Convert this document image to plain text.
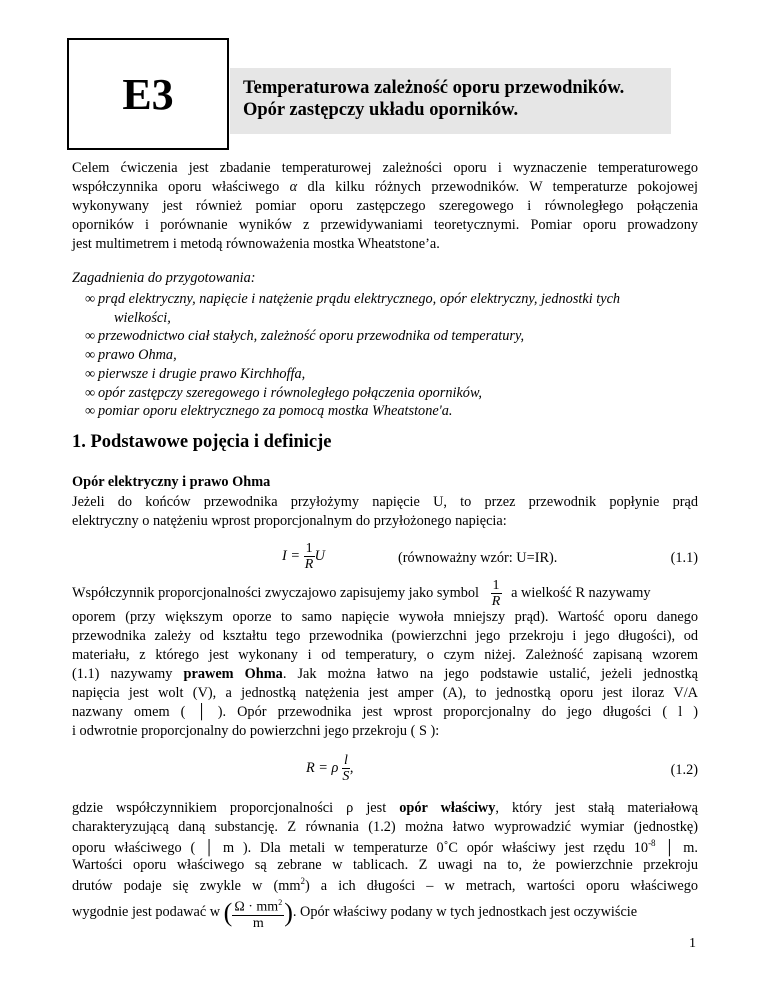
E3	Temperaturowa zależność oporu przewodników.
Opór zastępczy układu oporników.
Celem ćwiczenia jest zbadanie temperaturowej zależności oporu i wyznaczenie temperaturowego
współczynnika oporu właściwego α dla kilku różnych przewodników. W temperaturze pokojowej
wykonywany jest również pomiar oporu zastępczego szeregowego i równoległego połączenia
oporników i porównanie wyników z przewidywaniami teoretycznymi. Pomiar oporu prowadzony
jest multimetrem i metodą równoważenia mostka Wheatstone’a.
Zagadnienia do przygotowania:
∞ prąd elektryczny, napięcie i natężenie prądu elektrycznego, opór elektryczny, jednostki tych
wielkości,
∞ przewodnictwo ciał stałych, zależność oporu przewodnika od temperatury,
∞ prawo Ohma,
∞ pierwsze i drugie prawo Kirchhoffa,
∞ opór zastępczy szeregowego i równoległego połączenia oporników,
∞ pomiar oporu elektrycznego za pomocą mostka Wheatstone'a.
1. Podstawowe pojęcia i definicje
Opór elektryczny i prawo Ohma
Jeżeli do końców przewodnika przyłożymy napięcie U, to przez przewodnik popłynie prąd
elektryczny o natężeniu wprost proporcjonalnym do przyłożonego napięcia:
$I = \frac{1}{R}$ U	(równoważny wzór: U=IR).	(1.1)
Współczynnik proporcjonalności zwyczajowo zapisujemy jako symbol $\frac{1}{R}$ a wielkość R nazywamy
oporem (przy większym oporze to samo napięcie wywoła mniejszy prąd). Wartość oporu danego
przewodnika zależy od kształtu tego przewodnika (powierzchni jego przekroju i jego długości), od
materiału, z którego jest wykonany i od temperatury, o czym niżej. Zależność zapisaną wzorem
(1.1) nazywamy prawem Ohma. Jak można łatwo na jego podstawie ustalić, jeżeli jednostką
napięcia jest wolt (V), a jednostką natężenia jest amper (A), to jednostką oporu jest iloraz V/A
nazwany omem ( │ ). Opór przewodnika jest wprost proporcjonalny do jego długości ( l )
i odwrotnie proporcjonalny do powierzchni jego przekroju ( S ):
R = ρ $\frac{l}{S}$ ,	(1.2)
gdzie współczynnikiem proporcjonalności ρ jest opór właściwy, który jest stałą materiałową
charakteryzującą daną substancję. Z równania (1.2) można łatwo wyprowadzić wymiar (jednostkę)
oporu właściwego ( │ m ). Dla metali w temperaturze 0˚C opór właściwy jest rzędu $10^{-8}$ │ m.
Wartości oporu właściwego są zebrane w tablicach. Z uwagi na to, że powierzchnie przekroju
drutów podaje się zwykle w $(mm^2)$ a ich długości – w metrach, wartości oporu właściwego
wygodnie jest podawać w ( $\frac{\Omega \cdot mm^2}{m}$ ). Opór właściwy podany w tych jednostkach jest oczywiście
1
